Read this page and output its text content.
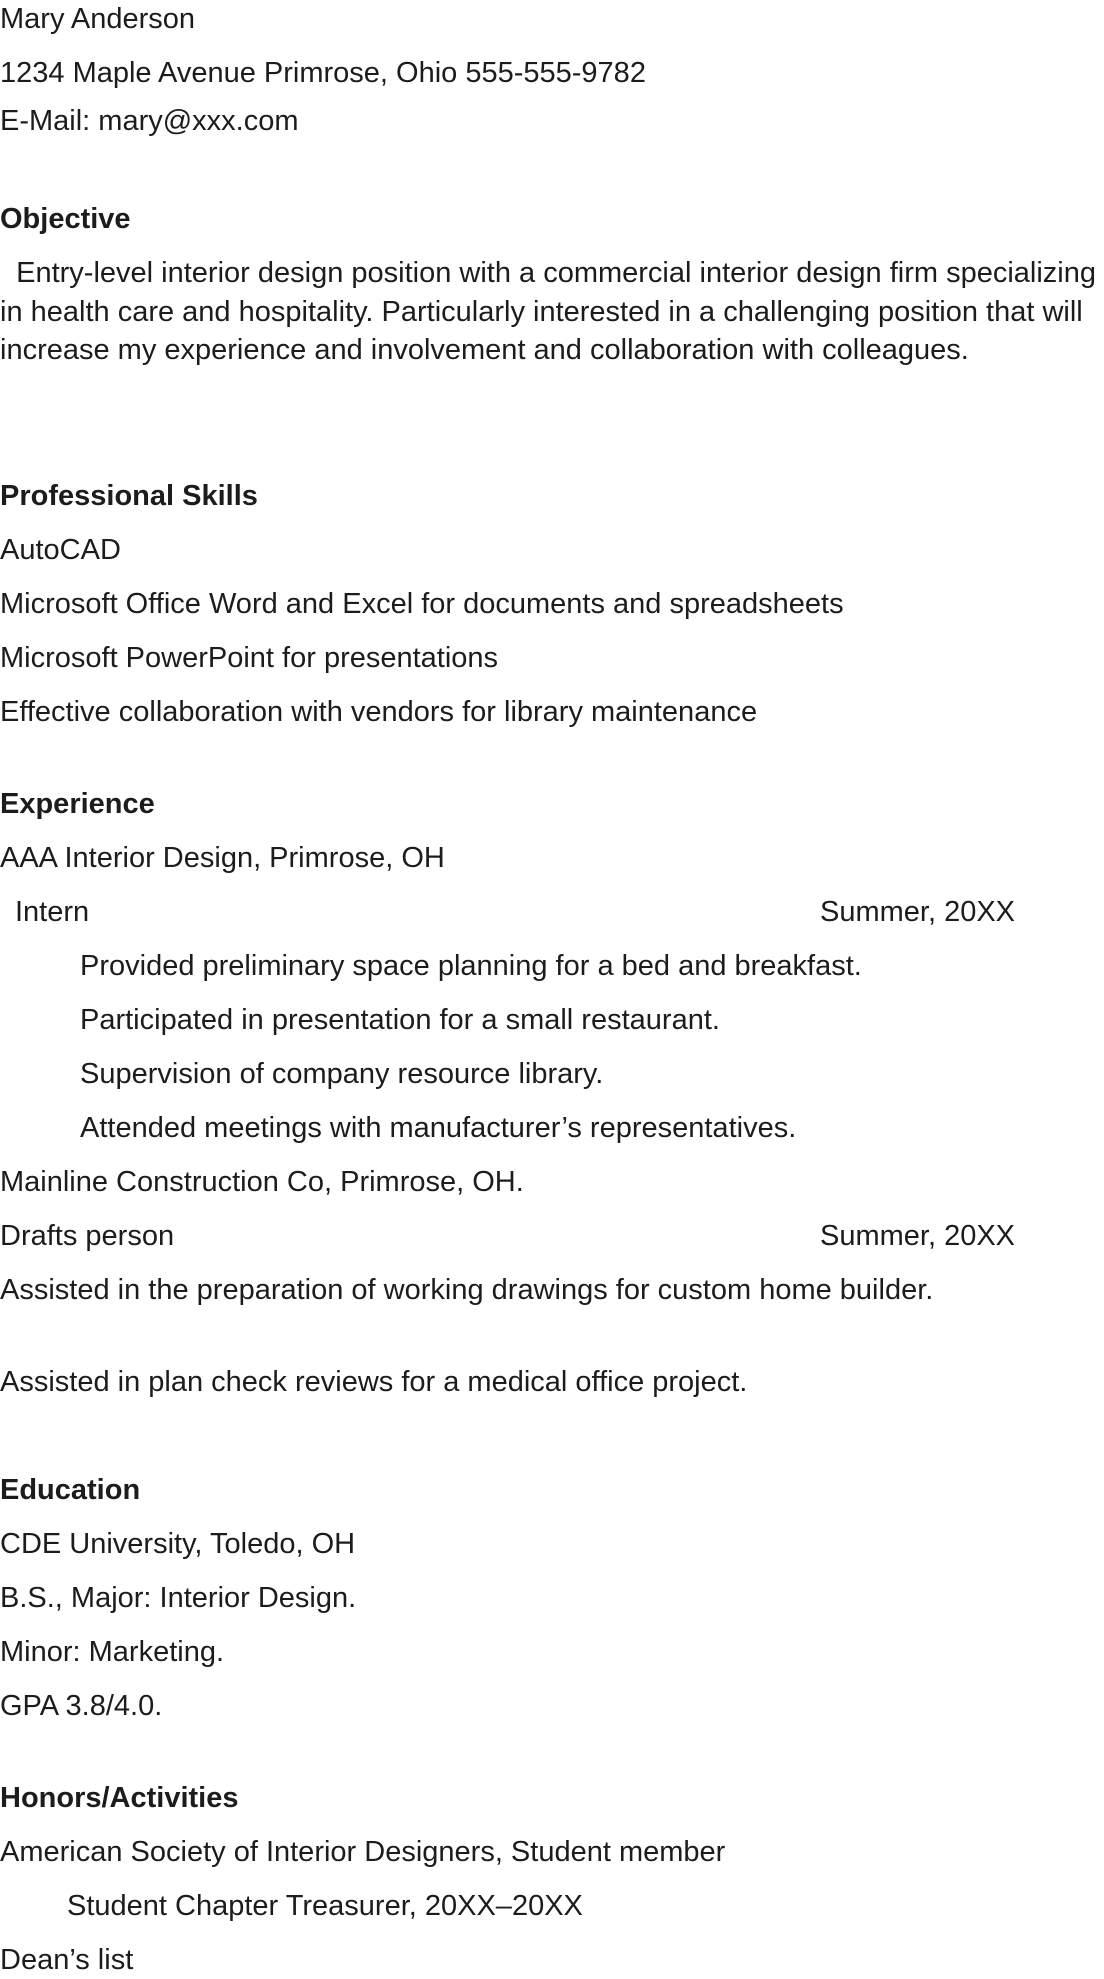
Mary Anderson
1234 Maple Avenue Primrose, Ohio 555-555-9782
E-Mail: mary@xxx.com
Objective
Entry-level interior design position with a commercial interior design firm specializing in health care and hospitality. Particularly interested in a challenging position that will increase my experience and involvement and collaboration with colleagues.
Professional Skills
AutoCAD
Microsoft Office Word and Excel for documents and spreadsheets
Microsoft PowerPoint for presentations
Effective collaboration with vendors for library maintenance
Experience
AAA Interior Design, Primrose, OH
Intern	Summer, 20XX
Provided preliminary space planning for a bed and breakfast.
Participated in presentation for a small restaurant.
Supervision of company resource library.
Attended meetings with manufacturer’s representatives.
Mainline Construction Co, Primrose, OH.
Drafts person	Summer, 20XX
Assisted in the preparation of working drawings for custom home builder.
Assisted in plan check reviews for a medical office project.
Education
CDE University, Toledo, OH
B.S., Major: Interior Design.
Minor: Marketing.
GPA 3.8/4.0.
Honors/Activities
American Society of Interior Designers, Student member
Student Chapter Treasurer, 20XX–20XX
Dean’s list
